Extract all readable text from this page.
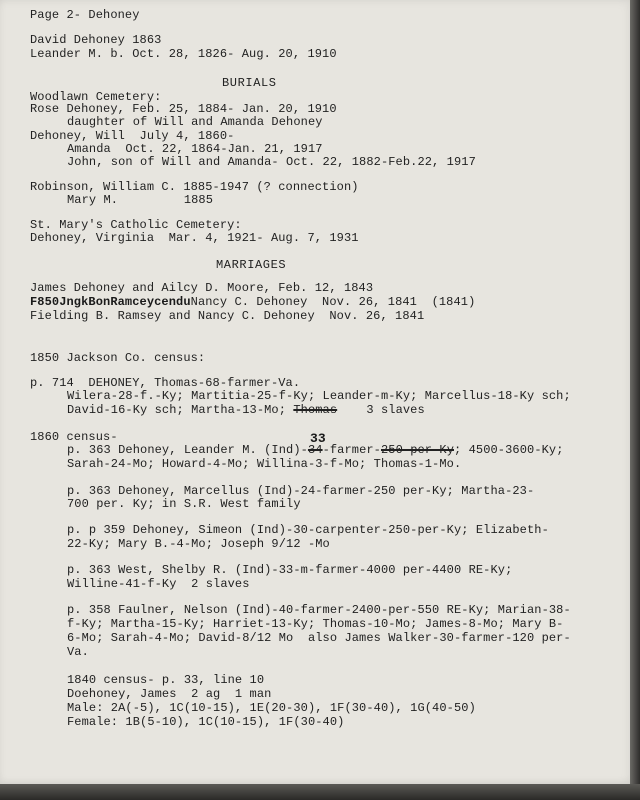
Page 2- Dehoney
David Dehoney 1863
Leander M. b. Oct. 28, 1826- Aug. 20, 1910
BURIALS
Woodlawn Cemetery:
Rose Dehoney, Feb. 25, 1884- Jan. 20, 1910
daughter of Will and Amanda Dehoney
Dehoney, Will  July 4, 1860-
Amanda  Oct. 22, 1864-Jan. 21, 1917
John, son of Will and Amanda- Oct. 22, 1882-Feb.22, 1917
Robinson, William C. 1885-1947 (? connection)
Mary M.         1885
St. Mary's Catholic Cemetery:
Dehoney, Virginia  Mar. 4, 1921- Aug. 7, 1931
MARRIAGES
James Dehoney and Ailcy D. Moore, Feb. 12, 1843
F850JngkBonRamceycenduNancy C. Dehoney  Nov. 26, 1841  (1841)
Fielding B. Ramsey and Nancy C. Dehoney  Nov. 26, 1841
1850 Jackson Co. census:
p. 714  DEHONEY, Thomas-68-farmer-Va.
Wilera-28-f.-Ky; Martitia-25-f-Ky; Leander-m-Ky; Marcellus-18-Ky sch;
David-16-Ky sch; Martha-13-Mo; Thomas    3 slaves
1860 census-
p. 363 Dehoney, Leander M. (Ind)-
33
34-farmer-250 per Ky; 4500-3600-Ky;
Sarah-24-Mo; Howard-4-Mo; Willina-3-f-Mo; Thomas-1-Mo.
p. 363 Dehoney, Marcellus (Ind)-24-farmer-250 per-Ky; Martha-23-
700 per. Ky; in S.R. West family
p. p 359 Dehoney, Simeon (Ind)-30-carpenter-250-per-Ky; Elizabeth-
22-Ky; Mary B.-4-Mo; Joseph 9/12 -Mo
p. 363 West, Shelby R. (Ind)-33-m-farmer-4000 per-4400 RE-Ky;
Willine-41-f-Ky  2 slaves
p. 358 Faulner, Nelson (Ind)-40-farmer-2400-per-550 RE-Ky; Marian-38-
f-Ky; Martha-15-Ky; Harriet-13-Ky; Thomas-10-Mo; James-8-Mo; Mary B-
6-Mo; Sarah-4-Mo; David-8/12 Mo  also James Walker-30-farmer-120 per-
Va.
1840 census- p. 33, line 10
Doehoney, James  2 ag  1 man
Male: 2A(-5), 1C(10-15), 1E(20-30), 1F(30-40), 1G(40-50)
Female: 1B(5-10), 1C(10-15), 1F(30-40)
